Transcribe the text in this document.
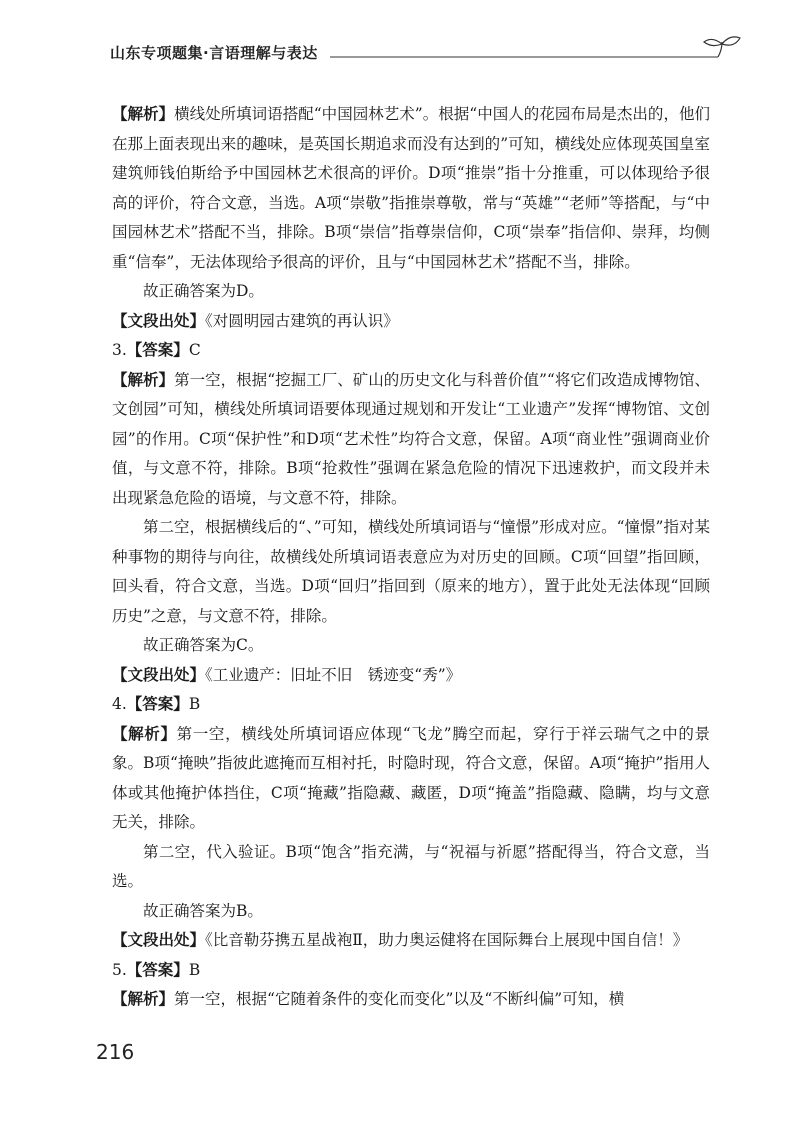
山东专项题集·言语理解与表达

【解析】横线处所填词语搭配“中国园林艺术”。根据“中国人的花园布局是杰出的，他们在那上面表现出来的趣味，是英国长期追求而没有达到的”可知，横线处应体现英国皇室建筑师钱伯斯给予中国园林艺术很高的评价。D项“推崇”指十分推重，可以体现给予很高的评价，符合文意，当选。A项“崇敬”指推崇尊敬，常与“英雄”“老师”等搭配，与“中国园林艺术”搭配不当，排除。B项“崇信”指尊崇信仰，C项“崇奉”指信仰、崇拜，均侧重“信奉”，无法体现给予很高的评价，且与“中国园林艺术”搭配不当，排除。

故正确答案为D。

【文段出处】《对圆明园古建筑的再认识》

3.【答案】C

【解析】第一空，根据“挖掘工厂、矿山的历史文化与科普价值”“将它们改造成博物馆、文创园”可知，横线处所填词语要体现通过规划和开发让“工业遗产”发挥“博物馆、文创园”的作用。C项“保护性”和D项“艺术性”均符合文意，保留。A项“商业性”强调商业价值，与文意不符，排除。B项“抢救性”强调在紧急危险的情况下迅速救护，而文段并未出现紧急危险的语境，与文意不符，排除。

第二空，根据横线后的“、”可知，横线处所填词语与“憧憬”形成对应。“憧憬”指对某种事物的期待与向往，故横线处所填词语表意应为对历史的回顾。C项“回望”指回顾，回头看，符合文意，当选。D项“回归”指回到（原来的地方），置于此处无法体现“回顾历史”之意，与文意不符，排除。

故正确答案为C。

【文段出处】《工业遗产：旧址不旧　锈迹变“秀”》

4.【答案】B

【解析】第一空，横线处所填词语应体现“飞龙”腾空而起，穿行于祥云瑞气之中的景象。B项“掩映”指彼此遮掩而互相衬托，时隐时现，符合文意，保留。A项“掩护”指用人体或其他掩护体挡住，C项“掩藏”指隐藏、藏匿，D项“掩盖”指隐藏、隐瞒，均与文意无关，排除。

第二空，代入验证。B项“饱含”指充满，与“祝福与祈愿”搭配得当，符合文意，当选。

故正确答案为B。

【文段出处】《比音勒芬携五星战袍Ⅱ，助力奥运健将在国际舞台上展现中国自信！》

5.【答案】B

【解析】第一空，根据“它随着条件的变化而变化”以及“不断纠偏”可知，横

216
